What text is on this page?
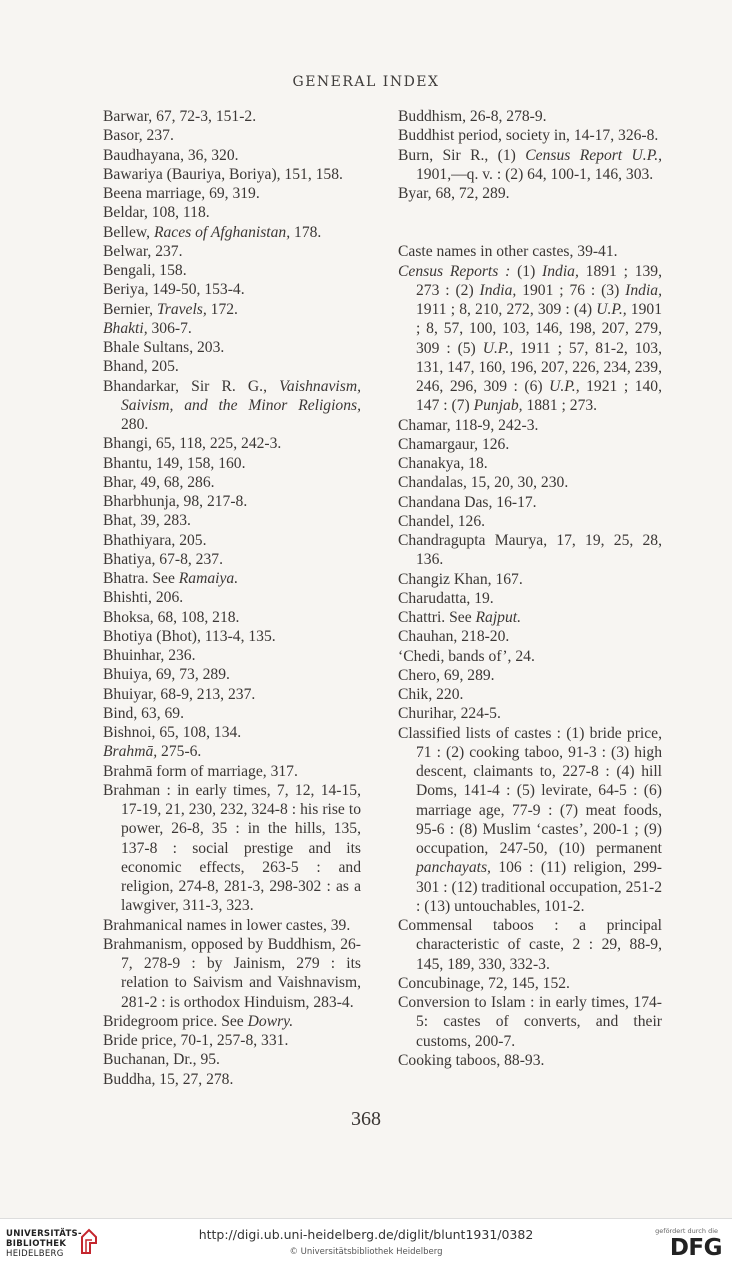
GENERAL INDEX

Barwar, 67, 72-3, 151-2.

Basor, 237.

Baudhayana, 36, 320.

Bawariya (Bauriya, Boriya), 151, 158.

Beena marriage, 69, 319.

Beldar, 108, 118.

Bellew, Races of Afghanistan, 178.

Belwar, 237.

Bengali, 158.

Beriya, 149-50, 153-4.

Bernier, Travels, 172.

Bhakti, 306-7.

Bhale Sultans, 203.

Bhand, 205.

Bhandarkar, Sir R. G., Vaishnavism, Saivism, and the Minor Religions, 280.

Bhangi, 65, 118, 225, 242-3.

Bhantu, 149, 158, 160.

Bhar, 49, 68, 286.

Bharbhunja, 98, 217-8.

Bhat, 39, 283.

Bhathiyara, 205.

Bhatiya, 67-8, 237.

Bhatra. See Ramaiya.

Bhishti, 206.

Bhoksa, 68, 108, 218.

Bhotiya (Bhot), 113-4, 135.

Bhuinhar, 236.

Bhuiya, 69, 73, 289.

Bhuiyar, 68-9, 213, 237.

Bind, 63, 69.

Bishnoi, 65, 108, 134.

Brahmā, 275-6.

Brahmā form of marriage, 317.

Brahman : in early times, 7, 12, 14-15, 17-19, 21, 230, 232, 324-8 : his rise to power, 26-8, 35 : in the hills, 135, 137-8 : social prestige and its economic effects, 263-5 : and religion, 274-8, 281-3, 298-302 : as a lawgiver, 311-3, 323.

Brahmanical names in lower castes, 39.

Brahmanism, opposed by Buddhism, 26-7, 278-9 : by Jainism, 279 : its relation to Saivism and Vaishnavism, 281-2 : is orthodox Hinduism, 283-4.

Bridegroom price. See Dowry.

Bride price, 70-1, 257-8, 331.

Buchanan, Dr., 95.

Buddha, 15, 27, 278.

Buddhism, 26-8, 278-9.

Buddhist period, society in, 14-17, 326-8.

Burn, Sir R., (1) Census Report U.P., 1901,—q. v. : (2) 64, 100-1, 146, 303.

Byar, 68, 72, 289.

Caste names in other castes, 39-41.

Census Reports : (1) India, 1891 ; 139, 273 : (2) India, 1901 ; 76 : (3) India, 1911 ; 8, 210, 272, 309 : (4) U.P., 1901 ; 8, 57, 100, 103, 146, 198, 207, 279, 309 : (5) U.P., 1911 ; 57, 81-2, 103, 131, 147, 160, 196, 207, 226, 234, 239, 246, 296, 309 : (6) U.P., 1921 ; 140, 147 : (7) Punjab, 1881 ; 273.

Chamar, 118-9, 242-3.

Chamargaur, 126.

Chanakya, 18.

Chandalas, 15, 20, 30, 230.

Chandana Das, 16-17.

Chandel, 126.

Chandragupta Maurya, 17, 19, 25, 28, 136.

Changiz Khan, 167.

Charudatta, 19.

Chattri. See Rajput.

Chauhan, 218-20.

‘Chedi, bands of’, 24.

Chero, 69, 289.

Chik, 220.

Churihar, 224-5.

Classified lists of castes : (1) bride price, 71 : (2) cooking taboo, 91-3 : (3) high descent, claimants to, 227-8 : (4) hill Doms, 141-4 : (5) levirate, 64-5 : (6) marriage age, 77-9 : (7) meat foods, 95-6 : (8) Muslim ‘castes’, 200-1 ; (9) occupation, 247-50, (10) permanent panchayats, 106 : (11) religion, 299-301 : (12) traditional occupation, 251-2 : (13) untouchables, 101-2.

Commensal taboos : a principal characteristic of caste, 2 : 29, 88-9, 145, 189, 330, 332-3.

Concubinage, 72, 145, 152.

Conversion to Islam : in early times, 174-5: castes of converts, and their customs, 200-7.

Cooking taboos, 88-93.

368
UNIVERSITÄTS-
BIBLIOTHEK
HEIDELBERG
http://digi.ub.uni-heidelberg.de/diglit/blunt1931/0382
© Universitätsbibliothek Heidelberg
gefördert durch die
DFG
